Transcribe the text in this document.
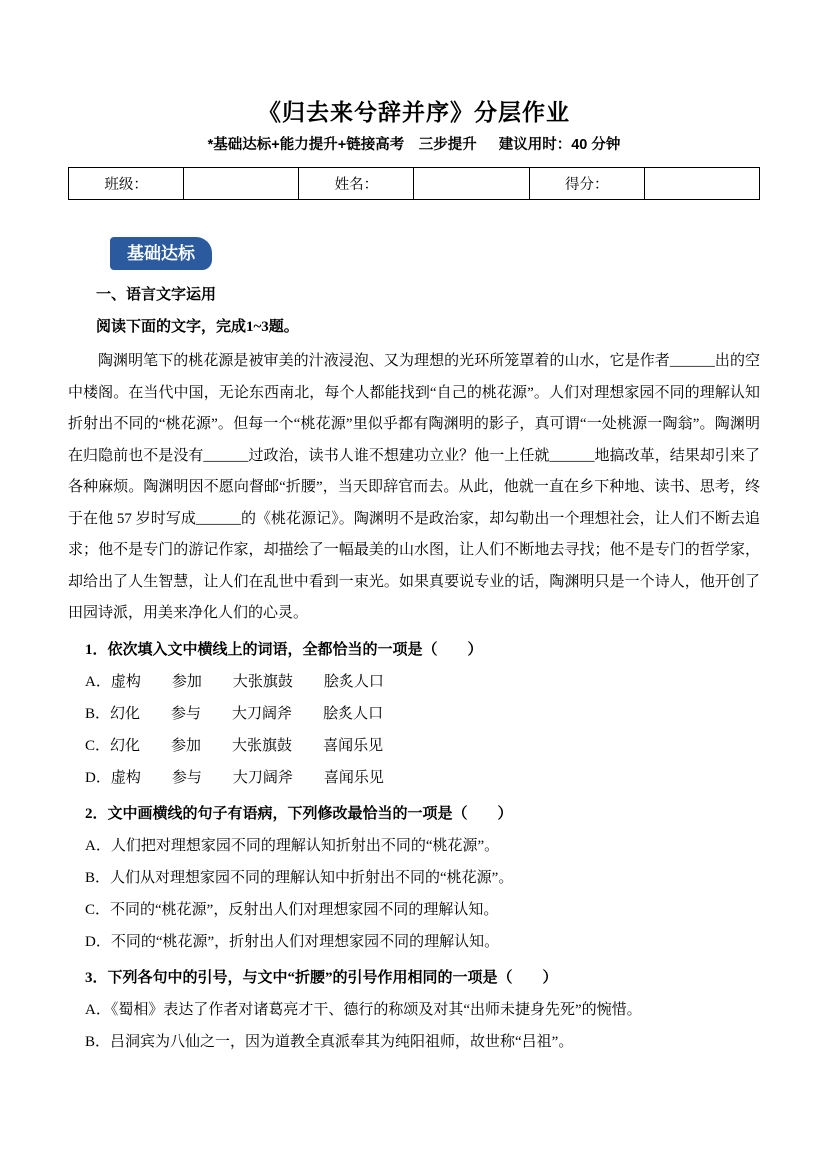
《归去来兮辞并序》分层作业
*基础达标+能力提升+链接高考　三步提升 建议用时：40 分钟
班级：		姓名：		得分：	
基础达标

一、语言文字运用

阅读下面的文字，完成1~3题。

陶渊明笔下的桃花源是被审美的汁液浸泡、又为理想的光环所笼罩着的山水，它是作者______出的空中楼阁。在当代中国，无论东西南北，每个人都能找到“自己的桃花源”。人们对理想家园不同的理解认知折射出不同的“桃花源”。但每一个“桃花源”里似乎都有陶渊明的影子，真可谓“一处桃源一陶翁”。陶渊明在归隐前也不是没有______过政治，读书人谁不想建功立业？他一上任就______地搞改革，结果却引来了各种麻烦。陶渊明因不愿向督邮“折腰”，当天即辞官而去。从此，他就一直在乡下种地、读书、思考，终于在他 57 岁时写成______的《桃花源记》。陶渊明不是政治家，却勾勒出一个理想社会，让人们不断去追求；他不是专门的游记作家，却描绘了一幅最美的山水图，让人们不断地去寻找；他不是专门的哲学家，却给出了人生智慧，让人们在乱世中看到一束光。如果真要说专业的话，陶渊明只是一个诗人，他开创了田园诗派，用美来净化人们的心灵。

1．依次填入文中横线上的词语，全都恰当的一项是（　　）
A． 虚构 参加 大张旗鼓 脍炙人口
B． 幻化 参与 大刀阔斧 脍炙人口
C． 幻化 参加 大张旗鼓 喜闻乐见
D． 虚构 参与 大刀阔斧 喜闻乐见
2．文中画横线的句子有语病，下列修改最恰当的一项是（　　）
A．人们把对理想家园不同的理解认知折射出不同的“桃花源”。
B．人们从对理想家园不同的理解认知中折射出不同的“桃花源”。
C．不同的“桃花源”，反射出人们对理想家园不同的理解认知。
D．不同的“桃花源”，折射出人们对理想家园不同的理解认知。
3．下列各句中的引号，与文中“折腰”的引号作用相同的一项是（　　）
A．《蜀相》表达了作者对诸葛亮才干、德行的称颂及对其“出师未捷身先死”的惋惜。
B．吕洞宾为八仙之一，因为道教全真派奉其为纯阳祖师，故世称“吕祖”。
